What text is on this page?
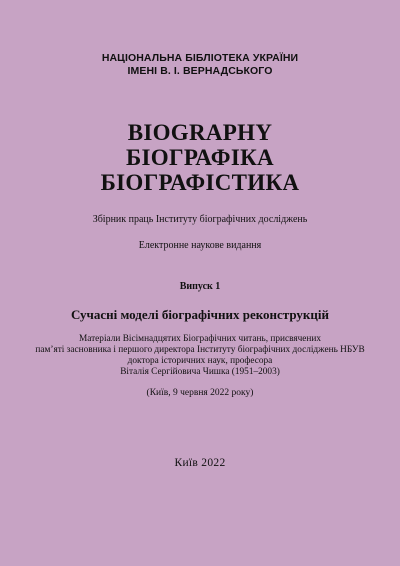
НАЦІОНАЛЬНА БІБЛІОТЕКА УКРАЇНИ
ІМЕНІ В. І. ВЕРНАДСЬКОГО
BIOGRAPHY
БІОГРАФІКА
БІОГРАФІСТИКА
Збірник праць Інституту біографічних досліджень
Електронне наукове видання
Випуск 1
Сучасні моделі біографічних реконструкцій
Матеріали Вісімнадцятих Біографічних читань, присвячених
пам’яті засновника і першого директора Інституту біографічних досліджень НБУВ
доктора історичних наук, професора
Віталія Сергійовича Чишка (1951–2003)
(Київ, 9 червня 2022 року)
Київ 2022
